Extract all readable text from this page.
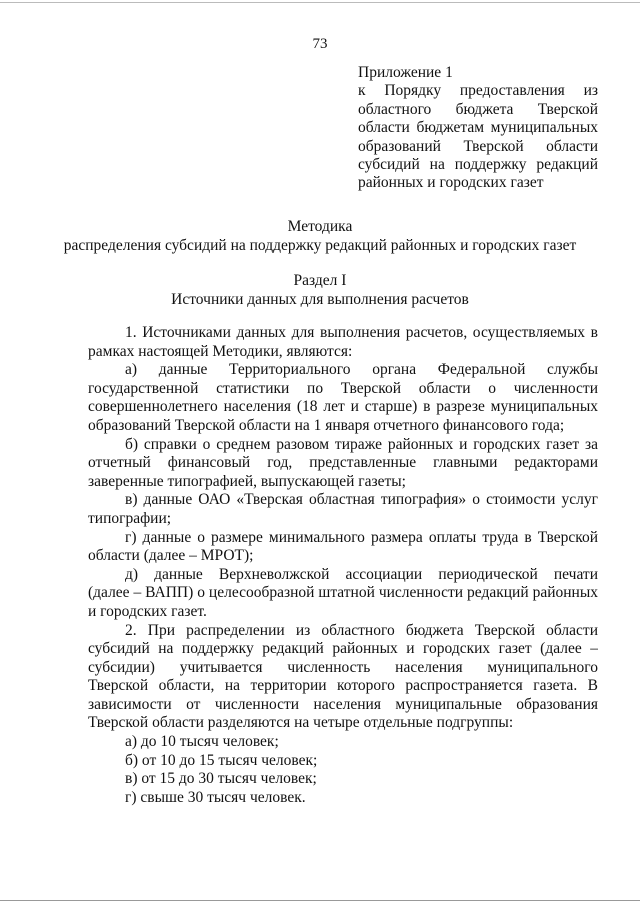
73
Приложение 1
к Порядку предоставления из
областного бюджета Тверской
области бюджетам муниципальных
образований Тверской области
субсидий на поддержку редакций
районных и городских газет
Методика
распределения субсидий на поддержку редакций районных и городских газет
Раздел I
Источники данных для выполнения расчетов
1. Источниками данных для выполнения расчетов, осуществляемых в
рамках настоящей Методики, являются:
а) данные Территориального органа Федеральной службы
государственной статистики по Тверской области о численности
совершеннолетнего населения (18 лет и старше) в разрезе муниципальных
образований Тверской области на 1 января отчетного финансового года;
б) справки о среднем разовом тираже районных и городских газет за
отчетный финансовый год, представленные главными редакторами
заверенные типографией, выпускающей газеты;
в) данные ОАО «Тверская областная типография» о стоимости услуг
типографии;
г) данные о размере минимального размера оплаты труда в Тверской
области (далее – МРОТ);
д) данные Верхневолжской ассоциации периодической печати
(далее – ВАПП) о целесообразной штатной численности редакций районных
и городских газет.
2. При распределении из областного бюджета Тверской области
субсидий на поддержку редакций районных и городских газет (далее –
субсидии) учитывается численность населения муниципального
Тверской области, на территории которого распространяется газета. В
зависимости от численности населения муниципальные образования
Тверской области разделяются на четыре отдельные подгруппы:
а) до 10 тысяч человек;
б) от 10 до 15 тысяч человек;
в) от 15 до 30 тысяч человек;
г) свыше 30 тысяч человек.
